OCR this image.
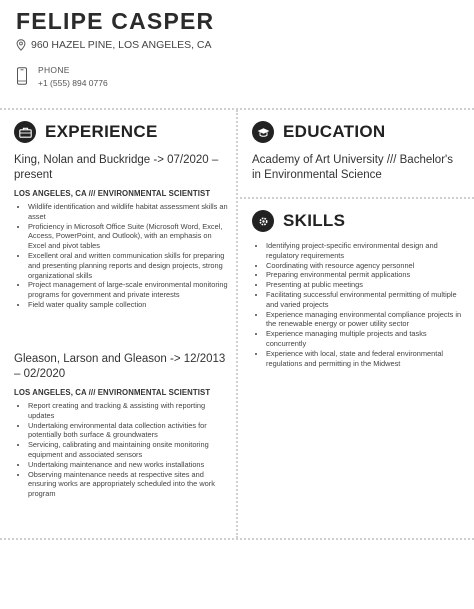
FELIPE CASPER
960 HAZEL PINE, LOS ANGELES, CA
PHONE
+1 (555) 894 0776
EXPERIENCE
King, Nolan and Buckridge -> 07/2020 – present
LOS ANGELES, CA /// ENVIRONMENTAL SCIENTIST
• Wildlife identification and wildlife habitat assessment skills an asset
• Proficiency in Microsoft Office Suite (Microsoft Word, Excel, Access, PowerPoint, and Outlook), with an emphasis on Excel and pivot tables
• Excellent oral and written communication skills for preparing and presenting planning reports and design projects, strong organizational skills
• Project management of large-scale environmental monitoring programs for government and private interests
• Field water quality sample collection
Gleason, Larson and Gleason -> 12/2013 – 02/2020
LOS ANGELES, CA /// ENVIRONMENTAL SCIENTIST
• Report creating and tracking & assisting with reporting updates
• Undertaking environmental data collection activities for potentially both surface & groundwaters
• Servicing, calibrating and maintaining onsite monitoring equipment and associated sensors
• Undertaking maintenance and new works installations
• Observing maintenance needs at respective sites and ensuring works are appropriately scheduled into the work program
EDUCATION
Academy of Art University /// Bachelor's in Environmental Science
SKILLS
• Identifying project-specific environmental design and regulatory requirements
• Coordinating with resource agency personnel
• Preparing environmental permit applications
• Presenting at public meetings
• Facilitating successful environmental permitting of multiple and varied projects
• Experience managing environmental compliance projects in the renewable energy or power utility sector
• Experience managing multiple projects and tasks concurrently
• Experience with local, state and federal environmental regulations and permitting in the Midwest
